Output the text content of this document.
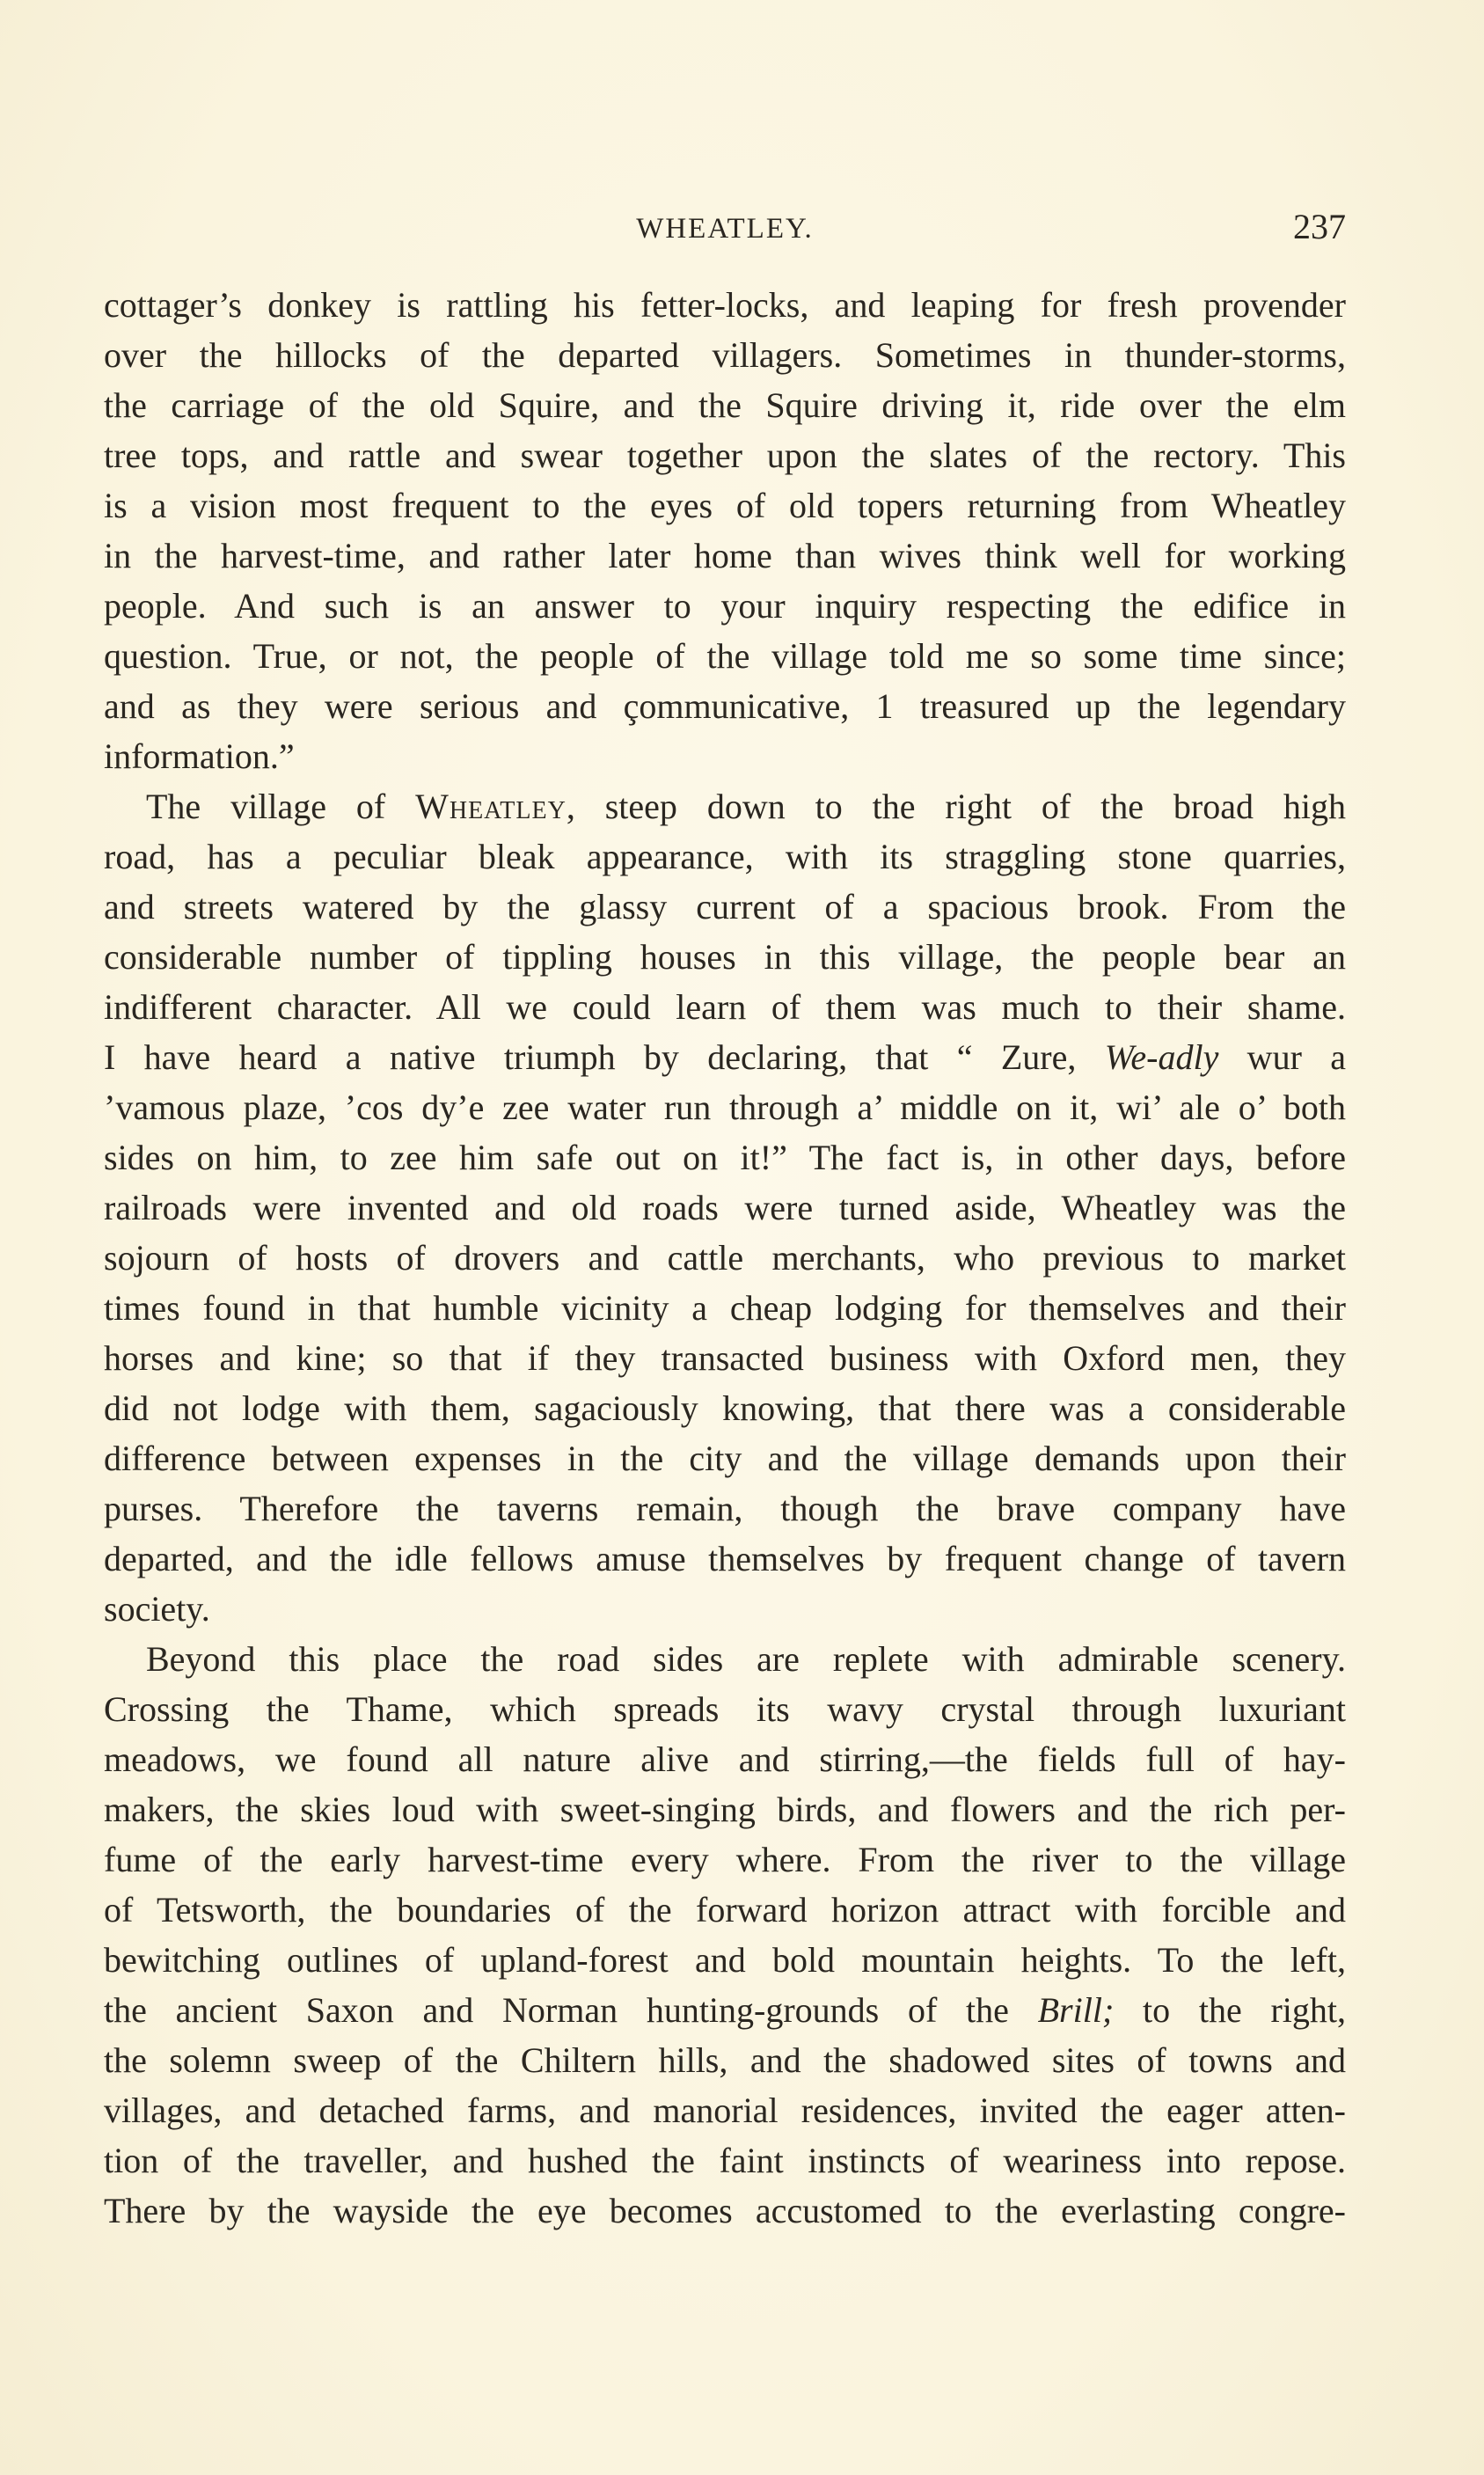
WHEATLEY.	237
cottager’s donkey is rattling his fetter-locks, and leaping for fresh provender
over the hillocks of the departed villagers. Sometimes in thunder-storms,
the carriage of the old Squire, and the Squire driving it, ride over the elm
tree tops, and rattle and swear together upon the slates of the rectory. This
is a vision most frequent to the eyes of old topers returning from Wheatley
in the harvest-time, and rather later home than wives think well for working
people. And such is an answer to your inquiry respecting the edifice in
question. True, or not, the people of the village told me so some time since;
and as they were serious and çommunicative, 1 treasured up the legendary
information.”
The village of Wheatley, steep down to the right of the broad high
road, has a peculiar bleak appearance, with its straggling stone quarries,
and streets watered by the glassy current of a spacious brook. From the
considerable number of tippling houses in this village, the people bear an
indifferent character. All we could learn of them was much to their shame.
I have heard a native triumph by declaring, that “ Zure, We-adly wur a
’vamous plaze, ’cos dy’e zee water run through a’ middle on it, wi’ ale o’ both
sides on him, to zee him safe out on it!” The fact is, in other days, before
railroads were invented and old roads were turned aside, Wheatley was the
sojourn of hosts of drovers and cattle merchants, who previous to market
times found in that humble vicinity a cheap lodging for themselves and their
horses and kine; so that if they transacted business with Oxford men, they
did not lodge with them, sagaciously knowing, that there was a considerable
difference between expenses in the city and the village demands upon their
purses. Therefore the taverns remain, though the brave company have
departed, and the idle fellows amuse themselves by frequent change of tavern
society.
Beyond this place the road sides are replete with admirable scenery.
Crossing the Thame, which spreads its wavy crystal through luxuriant
meadows, we found all nature alive and stirring,—the fields full of hay-
makers, the skies loud with sweet-singing birds, and flowers and the rich per-
fume of the early harvest-time every where. From the river to the village
of Tetsworth, the boundaries of the forward horizon attract with forcible and
bewitching outlines of upland-forest and bold mountain heights. To the left,
the ancient Saxon and Norman hunting-grounds of the Brill; to the right,
the solemn sweep of the Chiltern hills, and the shadowed sites of towns and
villages, and detached farms, and manorial residences, invited the eager atten-
tion of the traveller, and hushed the faint instincts of weariness into repose.
There by the wayside the eye becomes accustomed to the everlasting congre-
